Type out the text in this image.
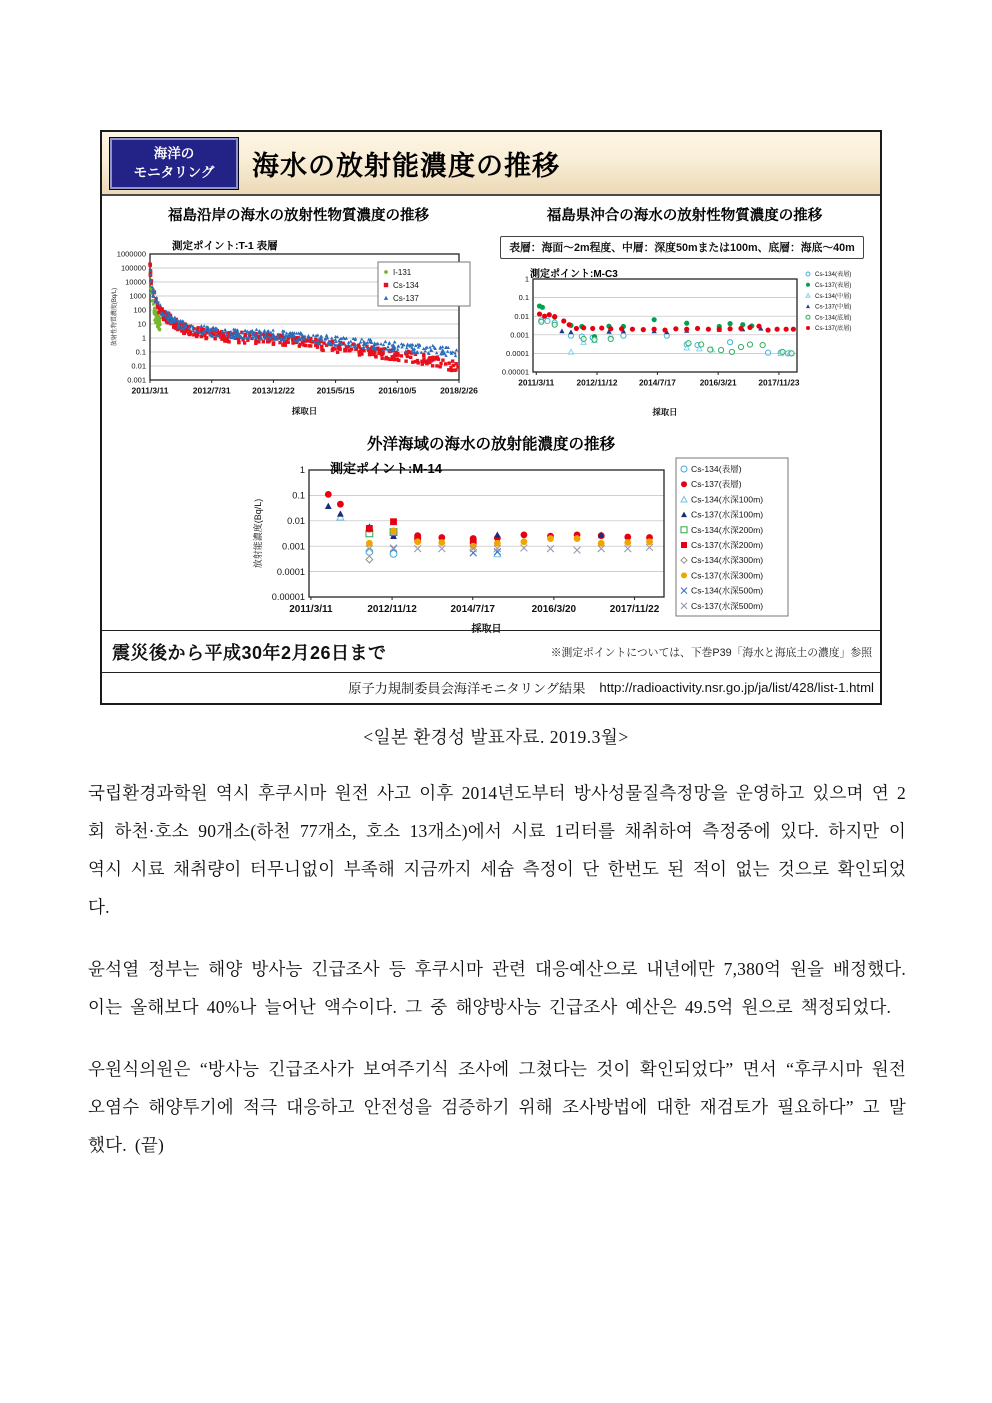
海洋の
モニタリング 海水の放射能濃度の推移
福島沿岸の海水の放射性物質濃度の推移	福島県沖合の海水の放射性物質濃度の推移
表層：海面～2m程度、中層：深度50mまたは100m、底層：海底～40m
測定ポイント:T-1 表層
測定ポイント:M-C3
1000000
100000
10000
1000
100
10
1
0.1
0.01
0.001
2011/3/11	2012/7/31	2013/12/22	2015/5/15	2016/10/5	2018/2/26
採取日
放射性物質濃度(Bq/L)
I-131
Cs-134
Cs-137
1
0.1
0.01
0.001
0.0001
0.00001
2011/3/11	2012/11/12	2014/7/17	2016/3/21	2017/11/23
採取日
Cs-134(表層)
Cs-137(表層)
Cs-134(中層)
Cs-137(中層)
Cs-134(底層)
Cs-137(底層)
外洋海域の海水の放射能濃度の推移
測定ポイント:M-14
1
0.1
0.01
0.001
0.0001
0.00001
2011/3/11	2012/11/12	2014/7/17	2016/3/20	2017/11/22
採取日
放射能濃度(Bq/L)
Cs-134(表層)
Cs-137(表層)
Cs-134(水深100m)
Cs-137(水深100m)
Cs-134(水深200m)
Cs-137(水深200m)
Cs-134(水深300m)
Cs-137(水深300m)
Cs-134(水深500m)
Cs-137(水深500m)
震災後から平成30年2月26日まで	※測定ポイントについては、下巻P39「海水と海底土の濃度」参照
原子力規制委員会海洋モニタリング結果 http://radioactivity.nsr.go.jp/ja/list/428/list-1.html
<일본 환경성 발표자료. 2019.3월>

국립환경과학원 역시 후쿠시마 원전 사고 이후 2014년도부터 방사성물질측정망을 운영하고 있으며 연 2회 하천·호소 90개소(하천 77개소, 호소 13개소)에서 시료 1리터를 채취하여 측정중에 있다. 하지만 이 역시 시료 채취량이 터무니없이 부족해 지금까지 세슘 측정이 단 한번도 된 적이 없는 것으로 확인되었다.

윤석열 정부는 해양 방사능 긴급조사 등 후쿠시마 관련 대응예산으로 내년에만 7,380억 원을 배정했다. 이는 올해보다 40%나 늘어난 액수이다. 그 중 해양방사능 긴급조사 예산은 49.5억 원으로 책정되었다.

우원식의원은 “방사능 긴급조사가 보여주기식 조사에 그쳤다는 것이 확인되었다” 면서 “후쿠시마 원전오염수 해양투기에 적극 대응하고 안전성을 검증하기 위해 조사방법에 대한 재검토가 필요하다” 고 말했다. (끝)
